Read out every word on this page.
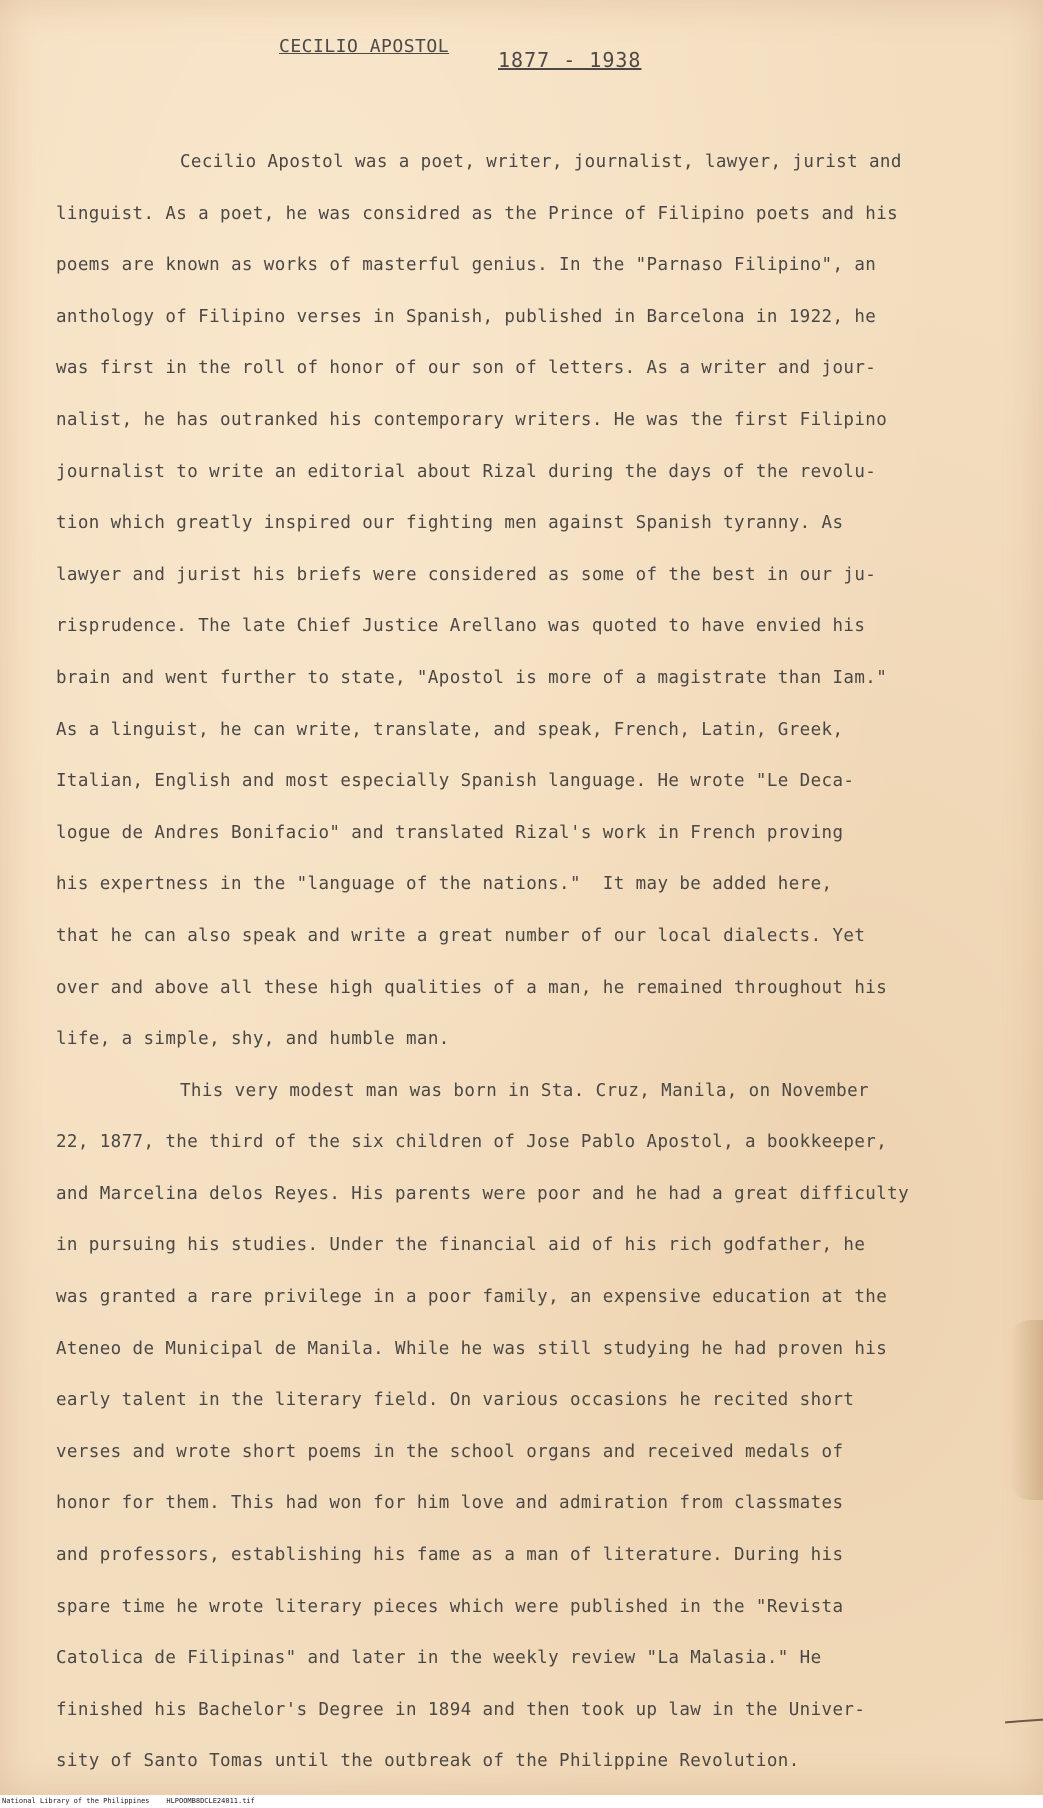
CECILIO APOSTOL
1877 - 1938
Cecilio Apostol was a poet, writer, journalist, lawyer, jurist and
linguist. As a poet, he was considred as the Prince of Filipino poets and his
poems are known as works of masterful genius. In the "Parnaso Filipino", an
anthology of Filipino verses in Spanish, published in Barcelona in 1922, he
was first in the roll of honor of our son of letters. As a writer and jour-
nalist, he has outranked his contemporary writers. He was the first Filipino
journalist to write an editorial about Rizal during the days of the revolu-
tion which greatly inspired our fighting men against Spanish tyranny. As
lawyer and jurist his briefs were considered as some of the best in our ju-
risprudence. The late Chief Justice Arellano was quoted to have envied his
brain and went further to state, "Apostol is more of a magistrate than Iam."
As a linguist, he can write, translate, and speak, French, Latin, Greek,
Italian, English and most especially Spanish language. He wrote "Le Deca-
logue de Andres Bonifacio" and translated Rizal's work in French proving
his expertness in the "language of the nations."  It may be added here,
that he can also speak and write a great number of our local dialects. Yet
over and above all these high qualities of a man, he remained throughout his
life, a simple, shy, and humble man.
This very modest man was born in Sta. Cruz, Manila, on November
22, 1877, the third of the six children of Jose Pablo Apostol, a bookkeeper,
and Marcelina delos Reyes. His parents were poor and he had a great difficulty
in pursuing his studies. Under the financial aid of his rich godfather, he
was granted a rare privilege in a poor family, an expensive education at the
Ateneo de Municipal de Manila. While he was still studying he had proven his
early talent in the literary field. On various occasions he recited short
verses and wrote short poems in the school organs and received medals of
honor for them. This had won for him love and admiration from classmates
and professors, establishing his fame as a man of literature. During his
spare time he wrote literary pieces which were published in the "Revista
Catolica de Filipinas" and later in the weekly review "La Malasia." He
finished his Bachelor's Degree in 1894 and then took up law in the Univer-
sity of Santo Tomas until the outbreak of the Philippine Revolution.
National Library of the Philippines    HLPOOMB8DCLE24011.tif
